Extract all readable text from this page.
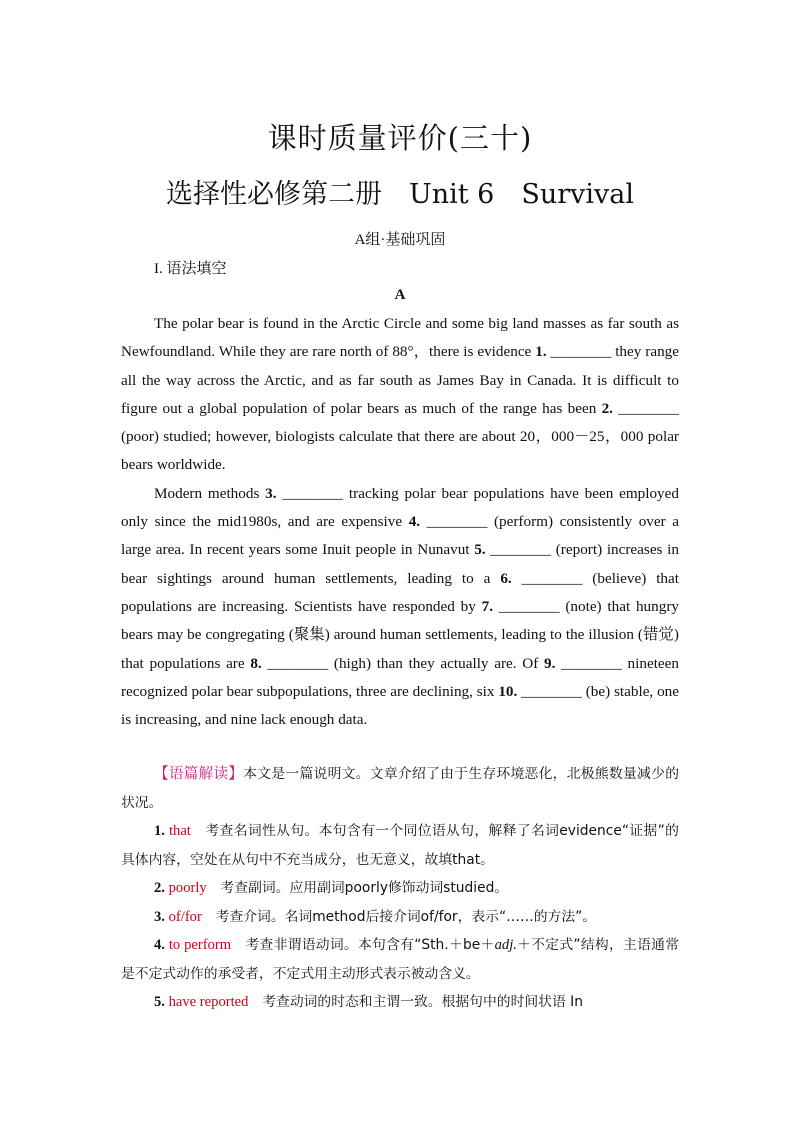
课时质量评价(三十)
选择性必修第二册　Unit 6　Survival
A组·基础巩固
I. 语法填空
A

The polar bear is found in the Arctic Circle and some big land masses as far south as Newfoundland. While they are rare north of 88°，there is evidence 1. ________ they range all the way across the Arctic, and as far south as James Bay in Canada. It is difficult to figure out a global population of polar bears as much of the range has been 2. ________ (poor) studied; however, biologists calculate that there are about 20，000－25，000 polar bears worldwide.

Modern methods 3. ________ tracking polar bear populations have been employed only since the mid1980s, and are expensive 4. ________ (perform) consistently over a large area. In recent years some Inuit people in Nunavut 5. ________ (report) increases in bear sightings around human settlements, leading to a 6. ________ (believe) that populations are increasing. Scientists have responded by 7. ________ (note) that hungry bears may be congregating (聚集) around human settlements, leading to the illusion (错觉) that populations are 8. ________ (high) than they actually are. Of 9. ________ nineteen recognized polar bear subpopulations, three are declining, six 10. ________ (be) stable, one is increasing, and nine lack enough data.

【语篇解读】本文是一篇说明文。文章介绍了由于生存环境恶化，北极熊数量减少的状况。

1. that　考查名词性从句。本句含有一个同位语从句，解释了名词evidence“证据”的具体内容，空处在从句中不充当成分，也无意义，故填that。

2. poorly　考查副词。应用副词poorly修饰动词studied。

3. of/for　考查介词。名词method后接介词of/for，表示“……的方法”。

4. to perform　考查非谓语动词。本句含有“Sth.＋be＋adj.＋不定式”结构，主语通常是不定式动作的承受者，不定式用主动形式表示被动含义。

5. have reported　考查动词的时态和主谓一致。根据句中的时间状语 In
